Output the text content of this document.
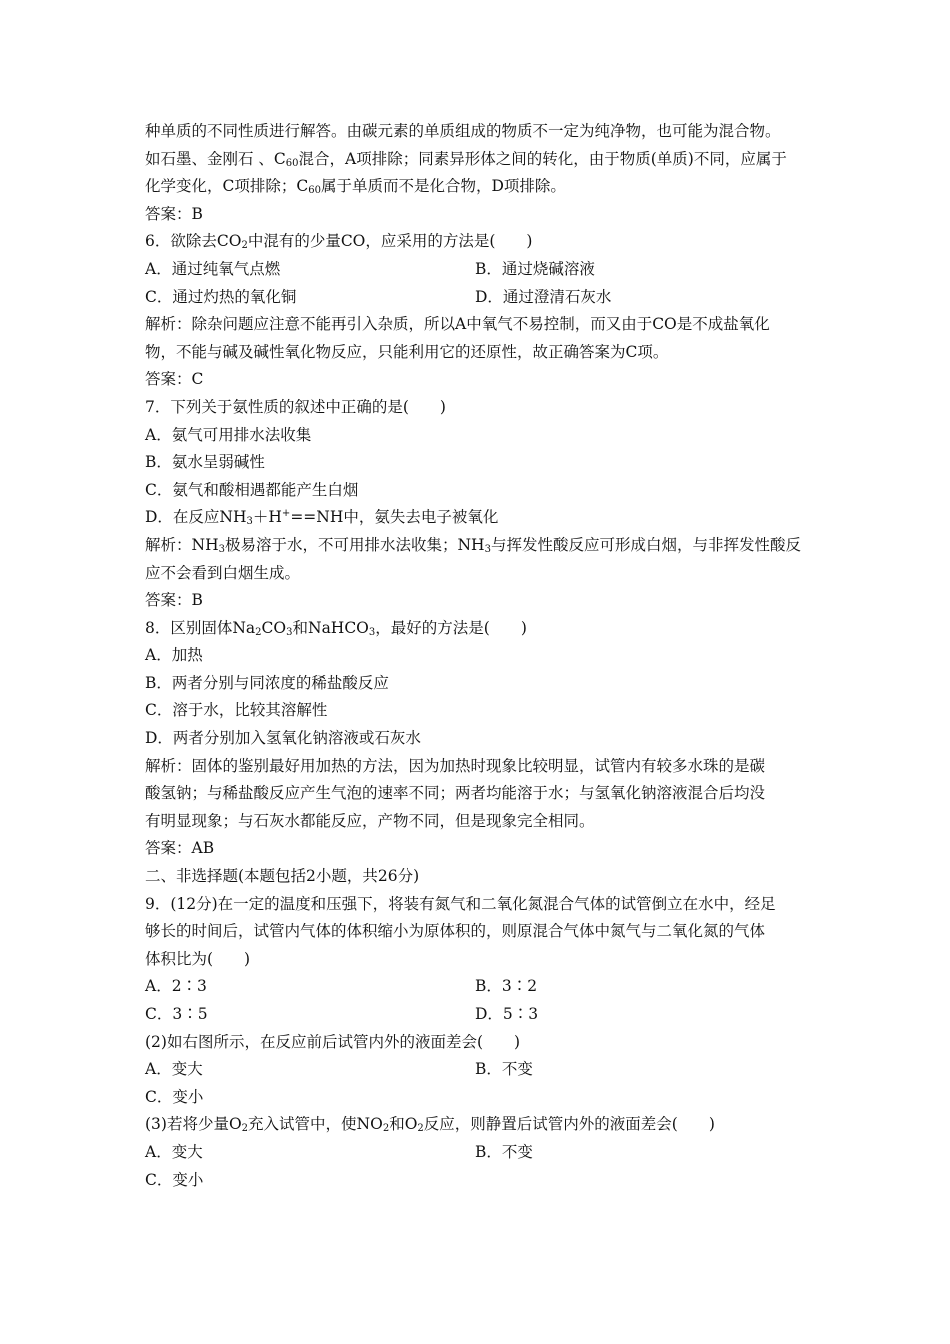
种单质的不同性质进行解答。由碳元素的单质组成的物质不一定为纯净物，也可能为混合物。
如石墨、金刚石 、$C_{60}$混合，A项排除；同素异形体之间的转化，由于物质(单质)不同，应属于
化学变化，C项排除；$C_{60}$属于单质而不是化合物，D项排除。
答案：B
6．欲除去$CO_2$中混有的少量CO，应采用的方法是(　　)
A．通过纯氧气点燃	B．通过烧碱溶液
C．通过灼热的氧化铜	D．通过澄清石灰水
解析：除杂问题应注意不能再引入杂质，所以A中氧气不易控制，而又由于CO是不成盐氧化
物，不能与碱及碱性氧化物反应，只能利用它的还原性，故正确答案为C项。
答案：C
7．下列关于氨性质的叙述中正确的是(　　)
A．氨气可用排水法收集
B．氨水呈弱碱性
C．氨气和酸相遇都能产生白烟
D．在反应$NH_3+H^+==NH$中，氨失去电子被氧化
解析：$NH_3$极易溶于水，不可用排水法收集；$NH_3$与挥发性酸反应可形成白烟，与非挥发性酸反
应不会看到白烟生成。
答案：B
8．区别固体$Na_2CO_3$和NaHCO$_3$，最好的方法是(　　)
A．加热
B．两者分别与同浓度的稀盐酸反应
C．溶于水，比较其溶解性
D．两者分别加入氢氧化钠溶液或石灰水
解析：固体的鉴别最好用加热的方法，因为加热时现象比较明显，试管内有较多水珠的是碳
酸氢钠；与稀盐酸反应产生气泡的速率不同；两者均能溶于水；与氢氧化钠溶液混合后均没
有明显现象；与石灰水都能反应，产物不同，但是现象完全相同。
答案：AB
二、非选择题(本题包括2小题，共26分)
9．(12分)在一定的温度和压强下，将装有氮气和二氧化氮混合气体的试管倒立在水中，经足
够长的时间后，试管内气体的体积缩小为原体积的，则原混合气体中氮气与二氧化氮的气体
体积比为(　　)
A．2∶3	B．3∶2
C．3∶5	D．5∶3
(2)如右图所示，在反应前后试管内外的液面差会(　　)
A．变大	B．不变
C．变小
(3)若将少量$O_2$充入试管中，使$NO_2$和$O_2$反应，则静置后试管内外的液面差会(　　)
A．变大	B．不变
C．变小
